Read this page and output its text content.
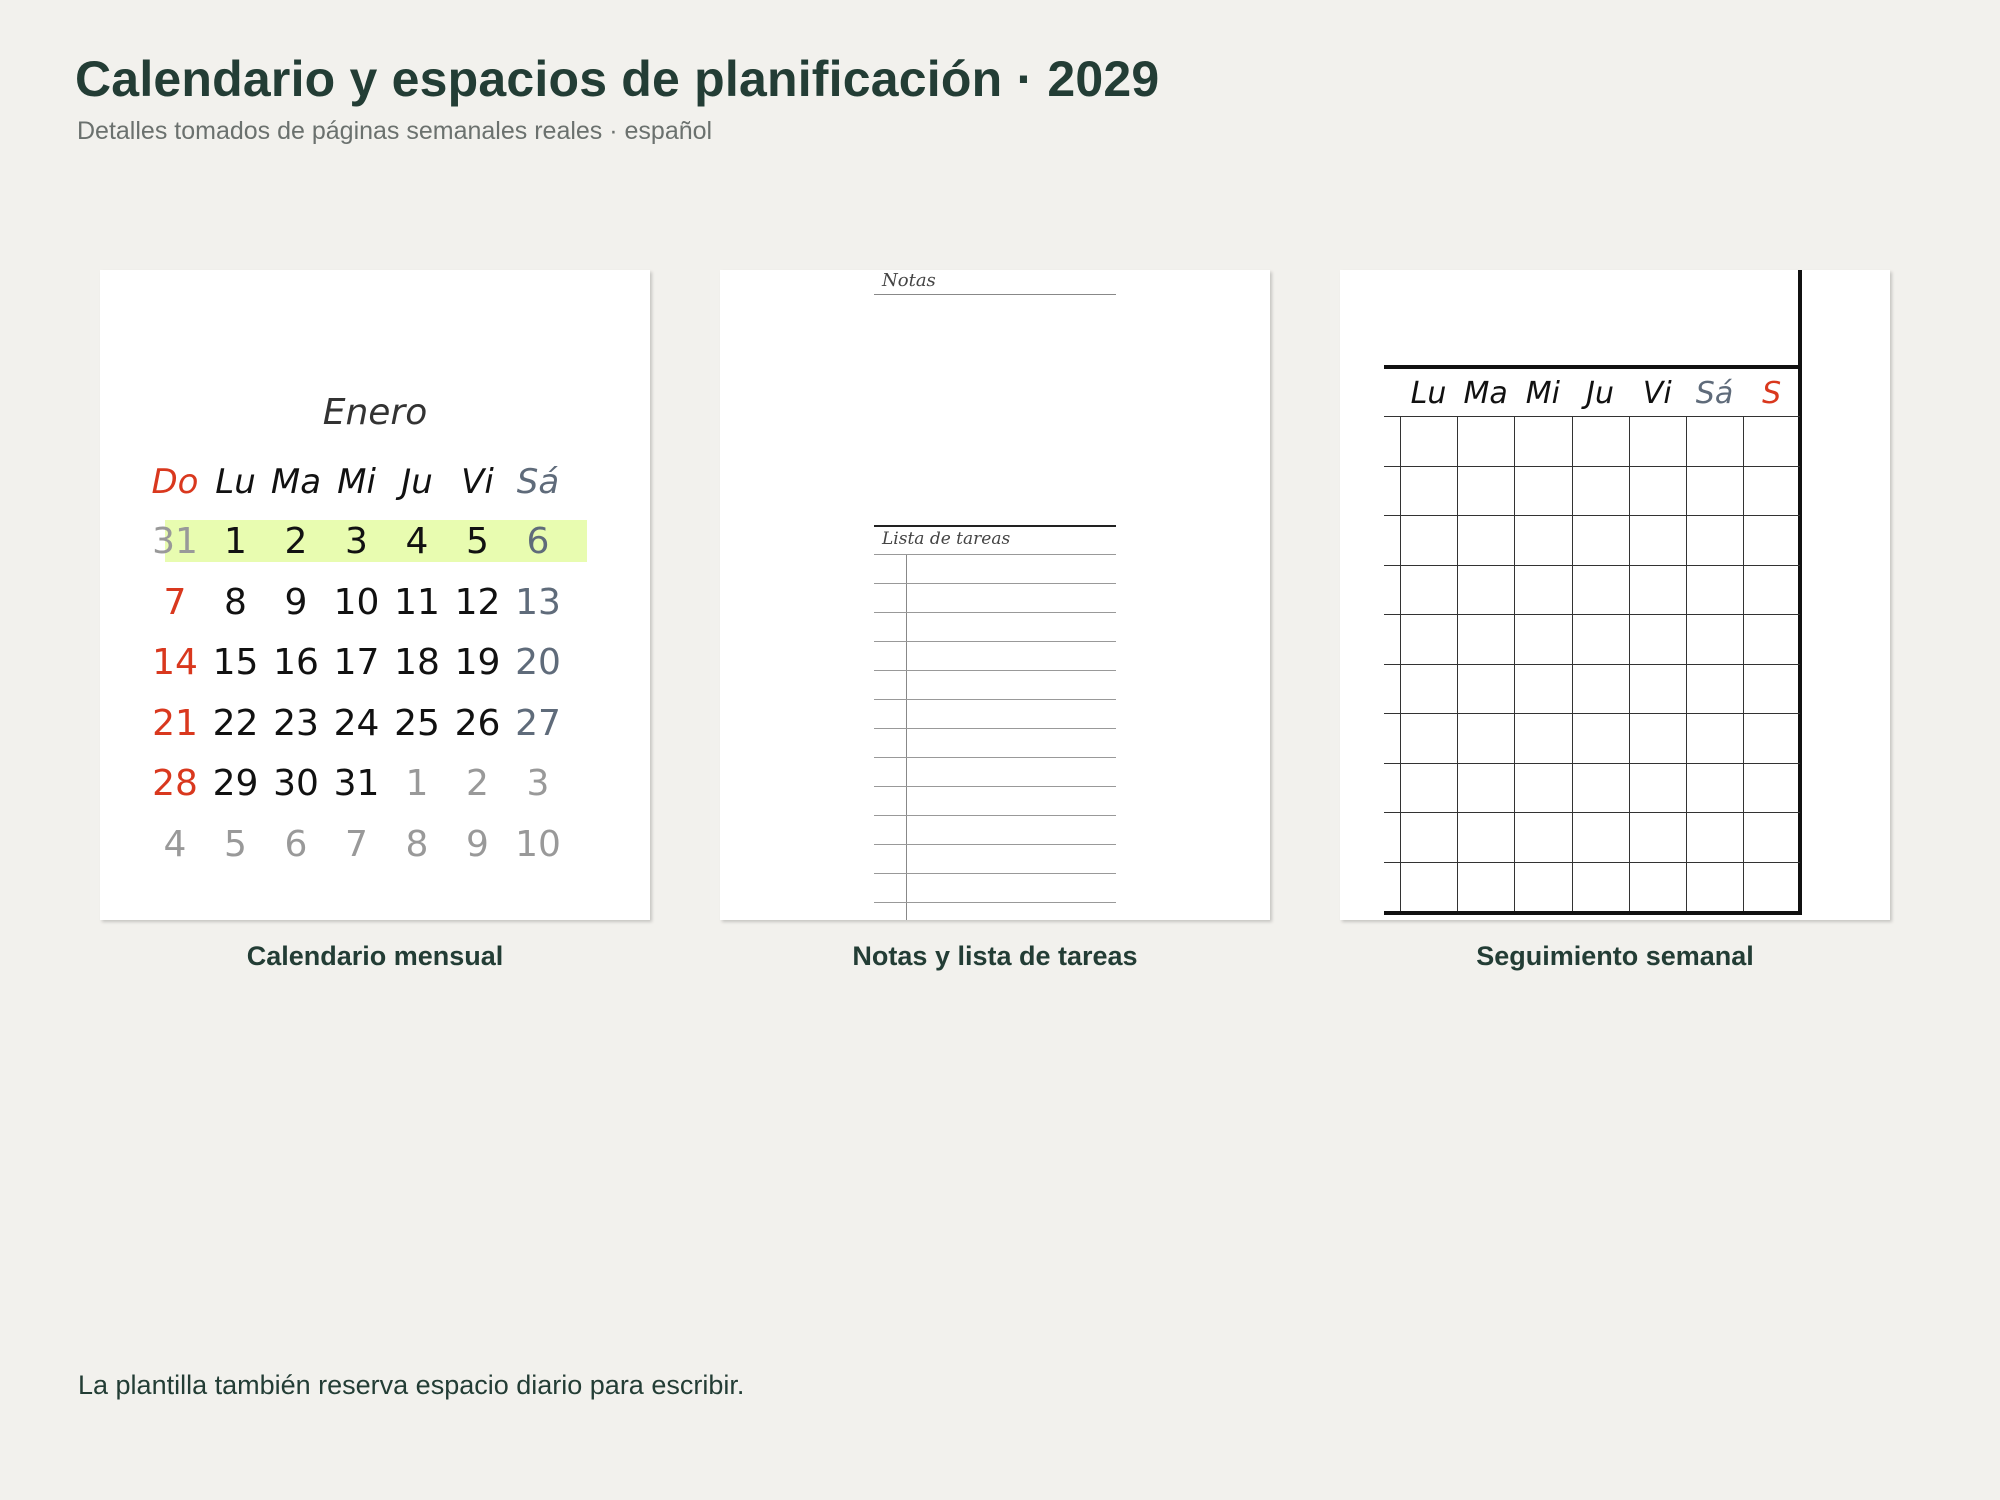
Calendario y espacios de planificación · 2029
Detalles tomados de páginas semanales reales · español
Enero
Do Lu Ma Mi Ju Vi Sá
31 1	2	3	4	5	6
7	8	9 10 11 12 13
14 15 16 17 18 19 20
21 22 23 24 25 26 27
28 29 30 31 1	2	3
4	5	6	7	8	9 10
Calendario mensual
Notas
Lista de tareas
Notas y lista de tareas
Lu Ma Mi Ju Vi Sá S
Seguimiento semanal
La plantilla también reserva espacio diario para escribir.
